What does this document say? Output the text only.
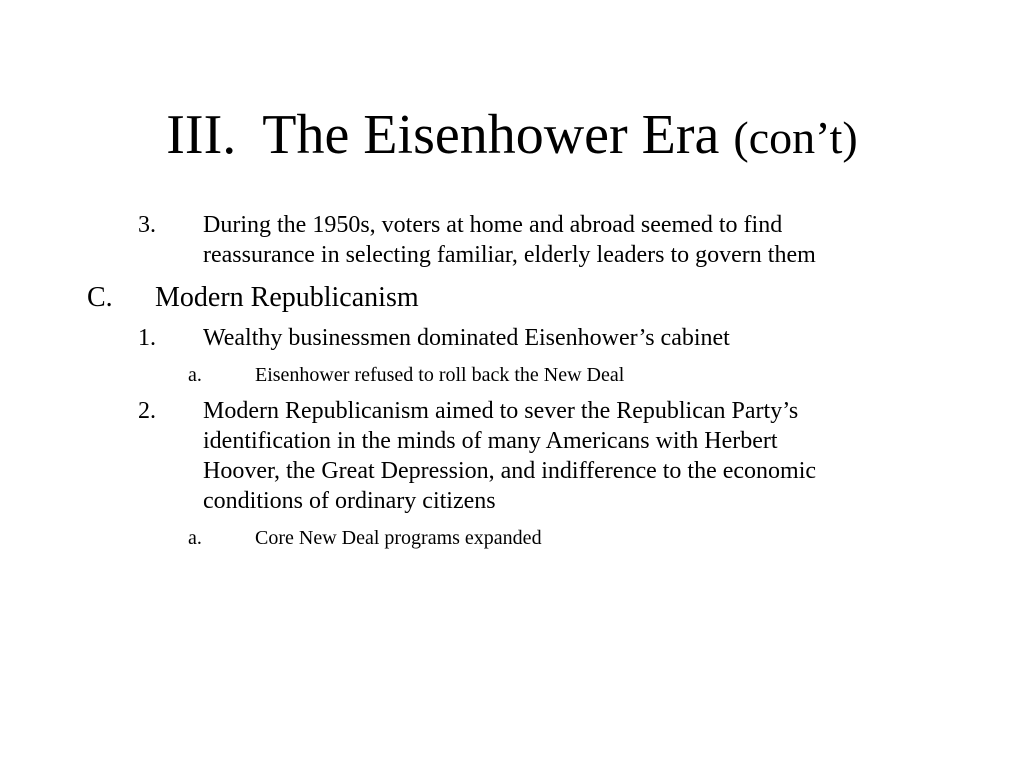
III. The Eisenhower Era (con’t)
3. During the 1950s, voters at home and abroad seemed to find
reassurance in selecting familiar, elderly leaders to govern them
C. Modern Republicanism
1. Wealthy businessmen dominated Eisenhower’s cabinet
a.	Eisenhower refused to roll back the New Deal
2. Modern Republicanism aimed to sever the Republican Party’s
identification in the minds of many Americans with Herbert
Hoover, the Great Depression, and indifference to the economic
conditions of ordinary citizens
a.	Core New Deal programs expanded
